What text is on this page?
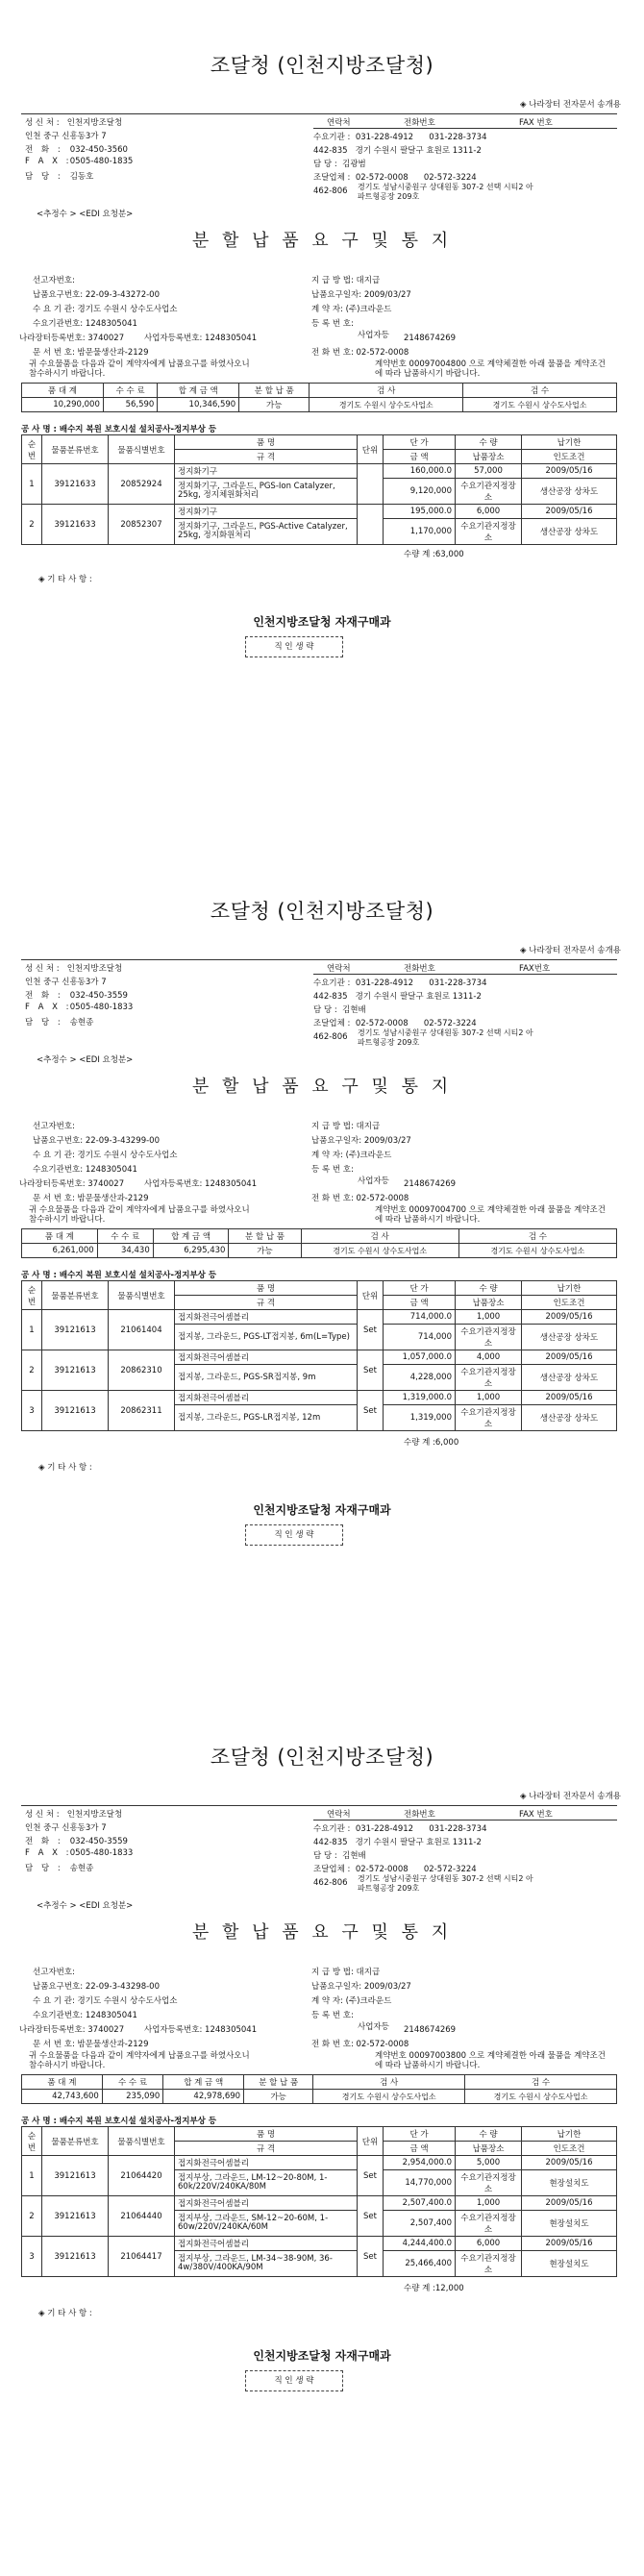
조달청 (인천지방조달청)
◈ 나라장터 전자문서 송개용
성 신 처 : 인천지방조달청
인천 중구 신흥동3가 7
전 화 : 032-450-3560
F A X : 0505-480-1835
담 당 : 김동호
연락처	전화번호	FAX 번호
수요기관 : 031-228-4912 031-228-3734
442-835 경기 수원시 팔달구 효원로 1311-2
담 당 : 김광범
조달업체 : 02-572-0008 02-572-3224
462-806 경기도 성남시중원구 상대원동 307-2 선택 시티2 아파트형공장 209호
<추정수 > <EDI 요청분>
분 할 납 품 요 구 및 통 지
선고자번호:	지 급 방 법: 대지급
납품요구번호: 22-09-3-43272-00	납품요구일자: 2009/03/27
수 요 기 관: 경기도 수원시 상수도사업소	계 약 자: (주)크라운드
수요기관번호: 1248305041	등 록 번 호:
나라장터등록번호: 3740027 사업자등록번호: 1248305041	사업자등 2148674269
문 서 번 호: 밤문물생산과-2129	전 화 번 호: 02-572-0008
귀 수요물품을 다음과 같이 계약자에게 납품요구를 하였사오니 참수하시기 바랍니다.
계약번호 00097004800 으로 계약체결한 아래 물품을 계약조건에 따라 납품하시기 바랍니다.
품 대 계	수 수 료	합 계 금 액	분 할 납 품	검 사	검 수
10,290,000	56,590	10,346,590	가능	경기도 수원시 상수도사업소	경기도 수원시 상수도사업소
공 사 명 : 배수지 복원 보호시설 설치공사-정지부상 등
순번	물품분류번호	물품식별번호	품 명	단위	단 가	수 량	납기한
			규 격		금 액	납품장소	인도조건
1	39121633	20852924	정지화기구		160,000.0	57,000	2009/05/16
			정지화기구, 그라운드, PGS-Ion Catalyzer, 25kg, 정지체원화처리		9,120,000	수요기관지정장소	생산공장 상차도
2	39121633	20852307	정지화기구		195,000.0	6,000	2009/05/16
			정지화기구, 그라운드, PGS-Active Catalyzer, 25kg, 정지화원처리		1,170,000	수요기관지정장소	생산공장 상차도
수량 계 :63,000
◈ 기 타 사 항 :
인천지방조달청 자재구매과
직 인 생 략
조달청 (인천지방조달청)
◈ 나라장터 전자문서 송개용
성 신 처 : 인천지방조달청
인천 중구 신흥동3가 7
전 화 : 032-450-3559
F A X : 0505-480-1833
담 당 : 송현종
연락처	전화번호	FAX번호
수요기관 : 031-228-4912 031-228-3734
442-835 경기 수원시 팔달구 효원로 1311-2
담 당 : 김현배
조달업체 : 02-572-0008 02-572-3224
462-806 경기도 성남시중원구 상대원동 307-2 선택 시티2 아파트형공장 209호
<추정수 > <EDI 요청분>
분 할 납 품 요 구 및 통 지
선고자번호:	지 급 방 법: 대지급
납품요구번호: 22-09-3-43299-00	납품요구일자: 2009/03/27
수 요 기 관: 경기도 수원시 상수도사업소	계 약 자: (주)크라운드
수요기관번호: 1248305041	등 록 번 호:
나라장터등록번호: 3740027 사업자등록번호: 1248305041	사업자등 2148674269
문 서 번 호: 밤문물생산과-2129	전 화 번 호: 02-572-0008
귀 수요물품을 다음과 같이 계약자에게 납품요구를 하였사오니 참수하시기 바랍니다.
계약번호 00097004700 으로 계약체결한 아래 물품을 계약조건에 따라 납품하시기 바랍니다.
품 대 계	수 수 료	합 계 금 액	분 할 납 품	검 사	검 수
6,261,000	34,430	6,295,430	가능	경기도 수원시 상수도사업소	경기도 수원시 상수도사업소
공 사 명 : 배수지 복원 보호시설 설치공사-정지부상 등
순번	물품분류번호	물품식별번호	품 명	단위	단 가	수 량	납기한
			규 격		금 액	납품장소	인도조건
1	39121613	21061404	접지화전극어셈블리	Set	714,000.0	1,000	2009/05/16
			접지봉, 그라운드, PGS-LT접지봉, 6m(L=Type)		714,000	수요기관지정장소	생산공장 상차도
2	39121613	20862310	접지화전극어셈블리	Set	1,057,000.0	4,000	2009/05/16
			접지봉, 그라운드, PGS-SR접지봉, 9m		4,228,000	수요기관지정장소	생산공장 상차도
3	39121613	20862311	접지화전극어셈블리	Set	1,319,000.0	1,000	2009/05/16
			접지봉, 그라운드, PGS-LR접지봉, 12m		1,319,000	수요기관지정장소	생산공장 상차도
수량 계 :6,000
◈ 기 타 사 항 :
인천지방조달청 자재구매과
직 인 생 략
조달청 (인천지방조달청)
◈ 나라장터 전자문서 송개용
성 신 처 : 인천지방조달청
인천 중구 신흥동3가 7
전 화 : 032-450-3559
F A X : 0505-480-1833
담 당 : 송현종
연락처	전화번호	FAX 번호
수요기관 : 031-228-4912 031-228-3734
442-835 경기 수원시 팔달구 효원로 1311-2
담 당 : 김현배
조달업체 : 02-572-0008 02-572-3224
462-806 경기도 성남시중원구 상대원동 307-2 선택 시티2 아파트형공장 209호
<추정수 > <EDI 요청분>
분 할 납 품 요 구 및 통 지
선고자번호:	지 급 방 법: 대지급
납품요구번호: 22-09-3-43298-00	납품요구일자: 2009/03/27
수 요 기 관: 경기도 수원시 상수도사업소	계 약 자: (주)크라운드
수요기관번호: 1248305041	등 록 번 호:
나라장터등록번호: 3740027 사업자등록번호: 1248305041	사업자등 2148674269
문 서 번 호: 밤문물생산과-2129	전 화 번 호: 02-572-0008
귀 수요물품을 다음과 같이 계약자에게 납품요구를 하였사오니 참수하시기 바랍니다.
계약번호 00097003800 으로 계약체결한 아래 물품을 계약조건에 따라 납품하시기 바랍니다.
품 대 계	수 수 료	합 계 금 액	분 할 납 품	검 사	검 수
42,743,600	235,090	42,978,690	가능	경기도 수원시 상수도사업소	경기도 수원시 상수도사업소
공 사 명 : 배수지 복원 보호시설 설치공사-정지부상 등
순번	물품분류번호	물품식별번호	품 명	단위	단 가	수 량	납기한
			규 격		금 액	납품장소	인도조건
1	39121613	21064420	접지화전극어셈블리	Set	2,954,000.0	5,000	2009/05/16
			접지부상, 그라운드, LM-12~20-80M, 1-60k/220V/240KA/80M		14,770,000	수요기관지정장소	현장설치도
2	39121613	21064440	접지화전극어셈블리	Set	2,507,400.0	1,000	2009/05/16
			접지부상, 그라운드, SM-12~20-60M, 1-60w/220V/240KA/60M		2,507,400	수요기관지정장소	현장설치도
3	39121613	21064417	접지화전극어셈블리	Set	4,244,400.0	6,000	2009/05/16
			접지부상, 그라운드, LM-34~38-90M, 36-4w/380V/400KA/90M		25,466,400	수요기관지정장소	현장설치도
수량 계 :12,000
◈ 기 타 사 항 :
인천지방조달청 자재구매과
직 인 생 략
